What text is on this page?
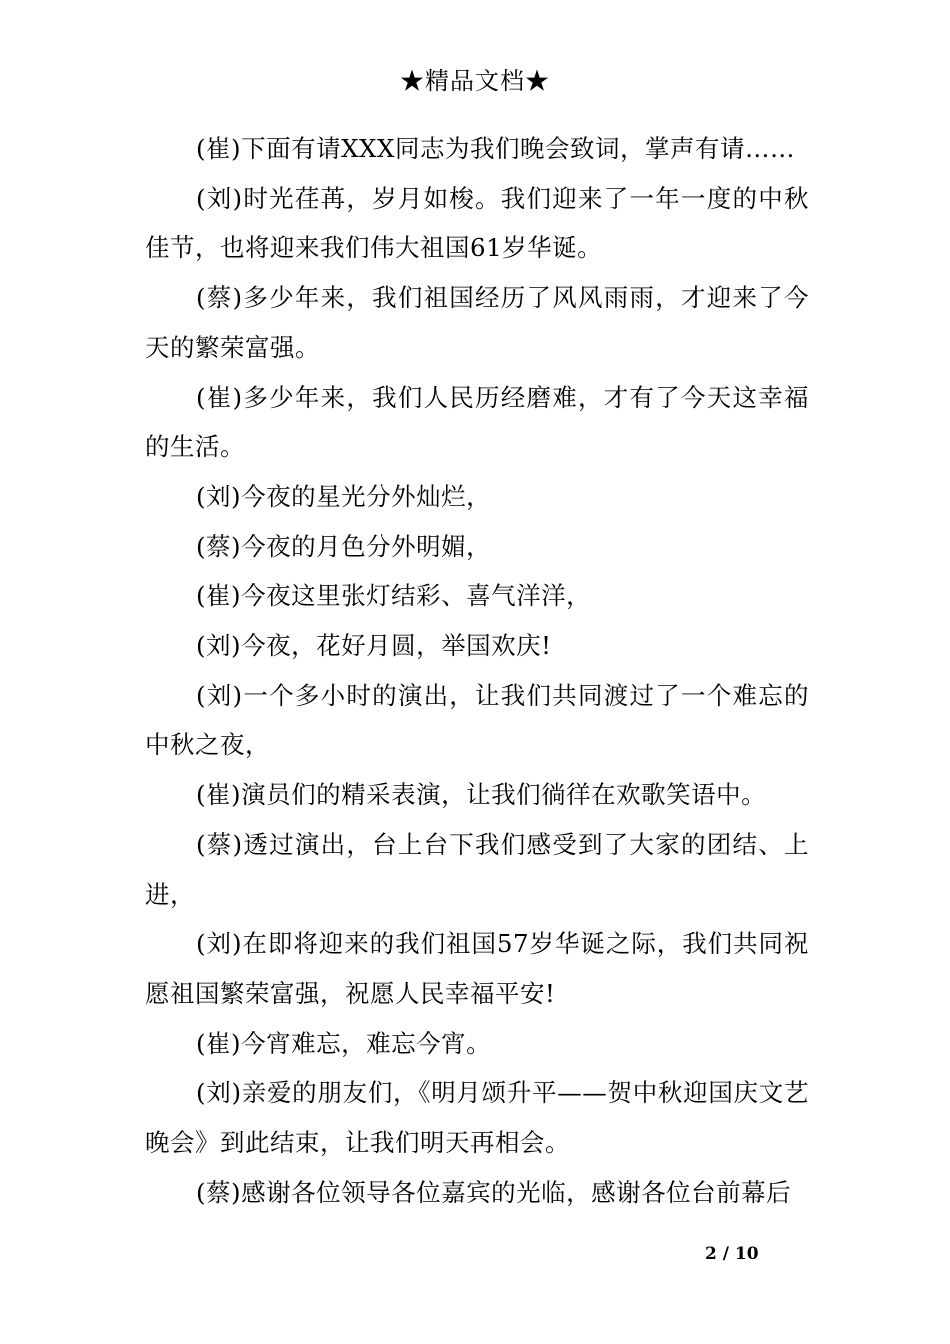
★精品文档★

(崔)下面有请XXX同志为我们晚会致词，掌声有请……

(刘)时光荏苒，岁月如梭。我们迎来了一年一度的中秋佳节，也将迎来我们伟大祖国61岁华诞。

(蔡)多少年来，我们祖国经历了风风雨雨，才迎来了今天的繁荣富强。

(崔)多少年来，我们人民历经磨难，才有了今天这幸福的生活。

(刘)今夜的星光分外灿烂，

(蔡)今夜的月色分外明媚，

(崔)今夜这里张灯结彩、喜气洋洋，

(刘)今夜，花好月圆，举国欢庆!

(刘)一个多小时的演出，让我们共同渡过了一个难忘的中秋之夜，

(崔)演员们的精采表演，让我们徜徉在欢歌笑语中。

(蔡)透过演出，台上台下我们感受到了大家的团结、上进，

(刘)在即将迎来的我们祖国57岁华诞之际，我们共同祝愿祖国繁荣富强，祝愿人民幸福平安!

(崔)今宵难忘，难忘今宵。

(刘)亲爱的朋友们，《明月颂升平——贺中秋迎国庆文艺晚会》到此结束，让我们明天再相会。

(蔡)感谢各位领导各位嘉宾的光临，感谢各位台前幕后

2 / 10
